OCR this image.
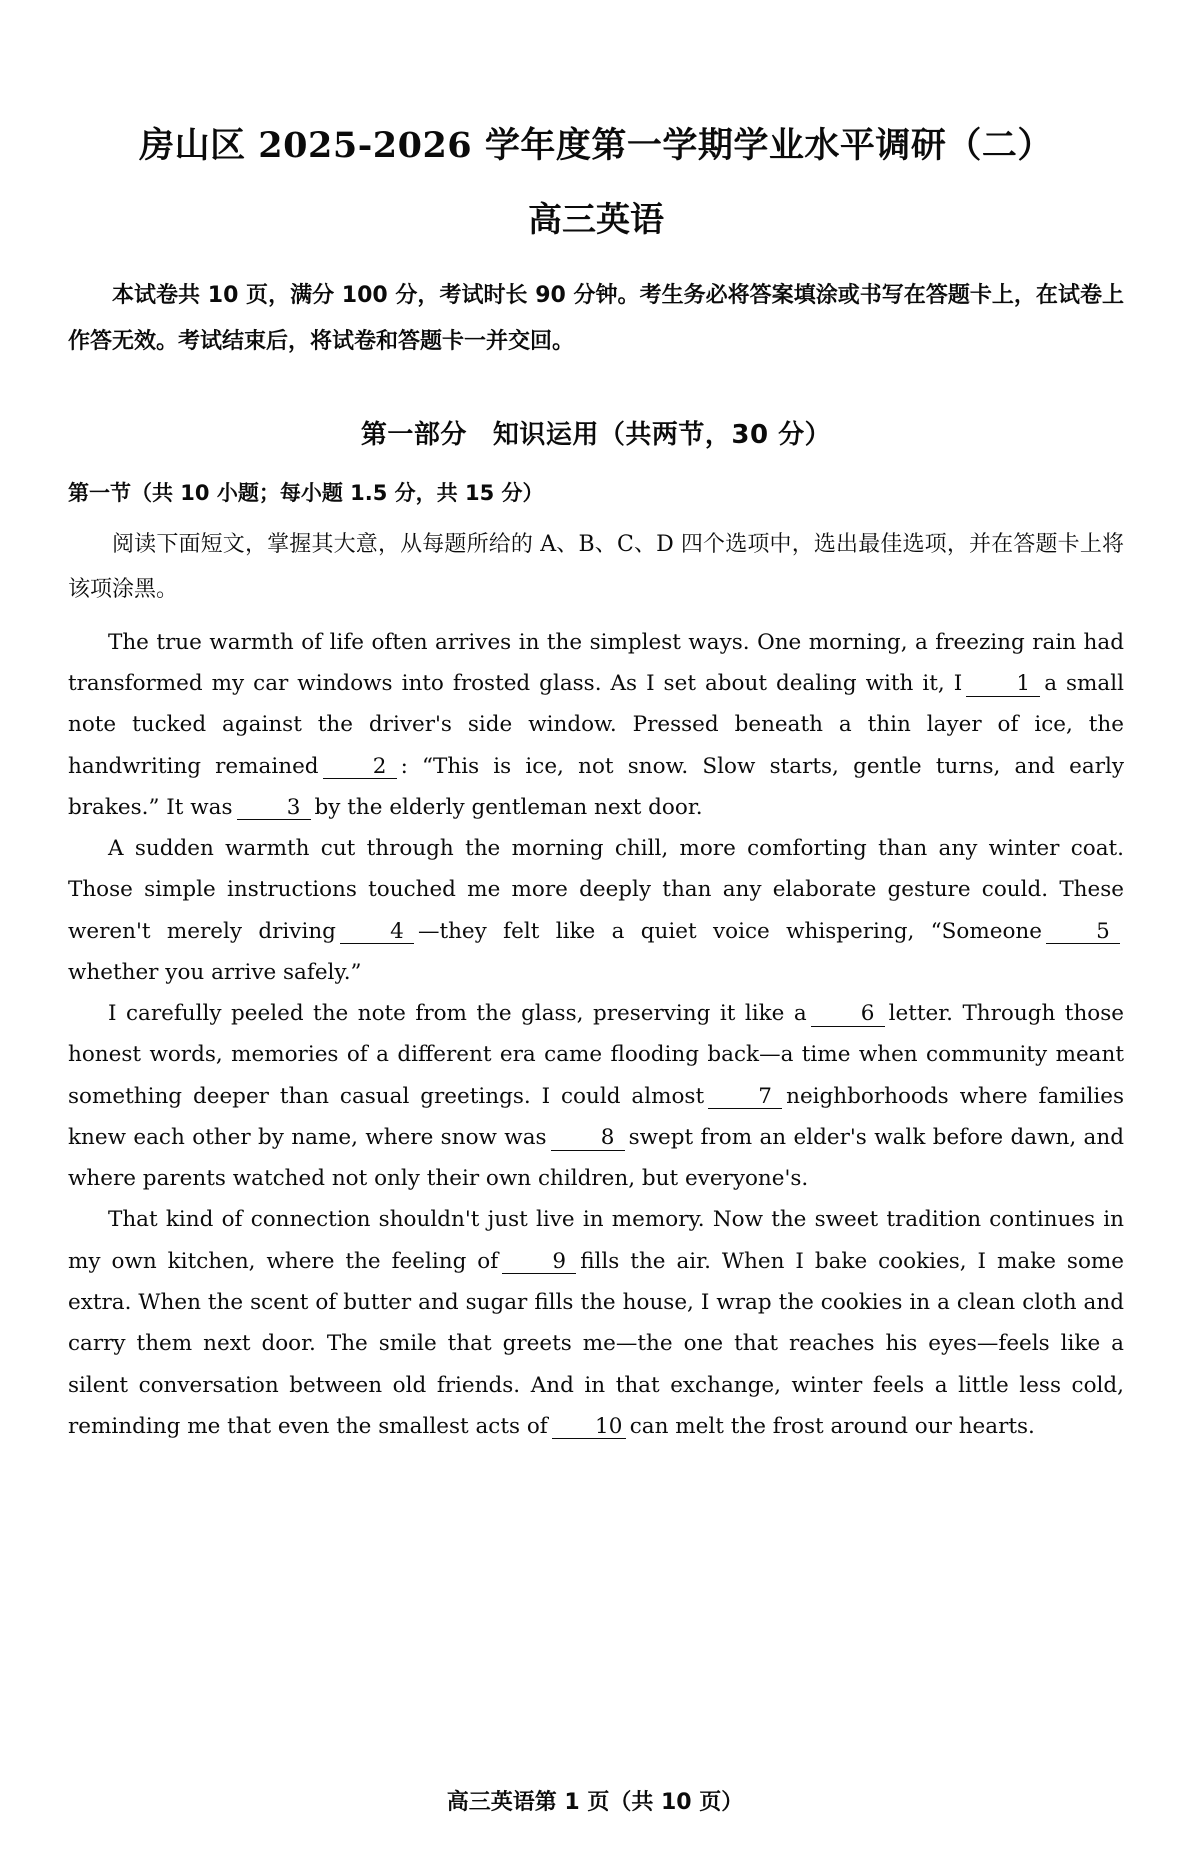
房山区 2025-2026 学年度第一学期学业水平调研（二）
高三英语
本试卷共 10 页，满分 100 分，考试时长 90 分钟。考生务必将答案填涂或书写在答题卡上，在试卷上作答无效。考试结束后，将试卷和答题卡一并交回。
第一部分 知识运用（共两节，30 分）
第一节（共 10 小题；每小题 1.5 分，共 15 分）
阅读下面短文，掌握其大意，从每题所给的 A、B、C、D 四个选项中，选出最佳选项，并在答题卡上将该项涂黑。

The true warmth of life often arrives in the simplest ways. One morning, a freezing rain had transformed my car windows into frosted glass. As I set about dealing with it, I	1 a small note tucked against the driver's side window. Pressed beneath a thin layer of ice, the handwriting remained	2 : “This is ice, not snow. Slow starts, gentle turns, and early brakes.” It was	3 by the elderly gentleman next door.

A sudden warmth cut through the morning chill, more comforting than any winter coat. Those simple instructions touched me more deeply than any elaborate gesture could. These weren't merely driving	4 —they felt like a quiet voice whispering, “Someone	5whether you arrive safely.”

I carefully peeled the note from the glass, preserving it like a	6 letter. Through those honest words, memories of a different era came flooding back—a time when community meant something deeper than casual greetings. I could almost	7 neighborhoods where families knew each other by name, where snow was	8 swept from an elder's walk before dawn, and where parents watched not only their own children, but everyone's.

That kind of connection shouldn't just live in memory. Now the sweet tradition continues in my own kitchen, where the feeling of	9 fills the air. When I bake cookies, I make some extra. When the scent of butter and sugar fills the house, I wrap the cookies in a clean cloth and carry them next door. The smile that greets me—the one that reaches his eyes—feels like a silent conversation between old friends. And in that exchange, winter feels a little less cold, reminding me that even the smallest acts of 10 can melt the frost around our hearts.

高三英语第 1 页（共 10 页）
